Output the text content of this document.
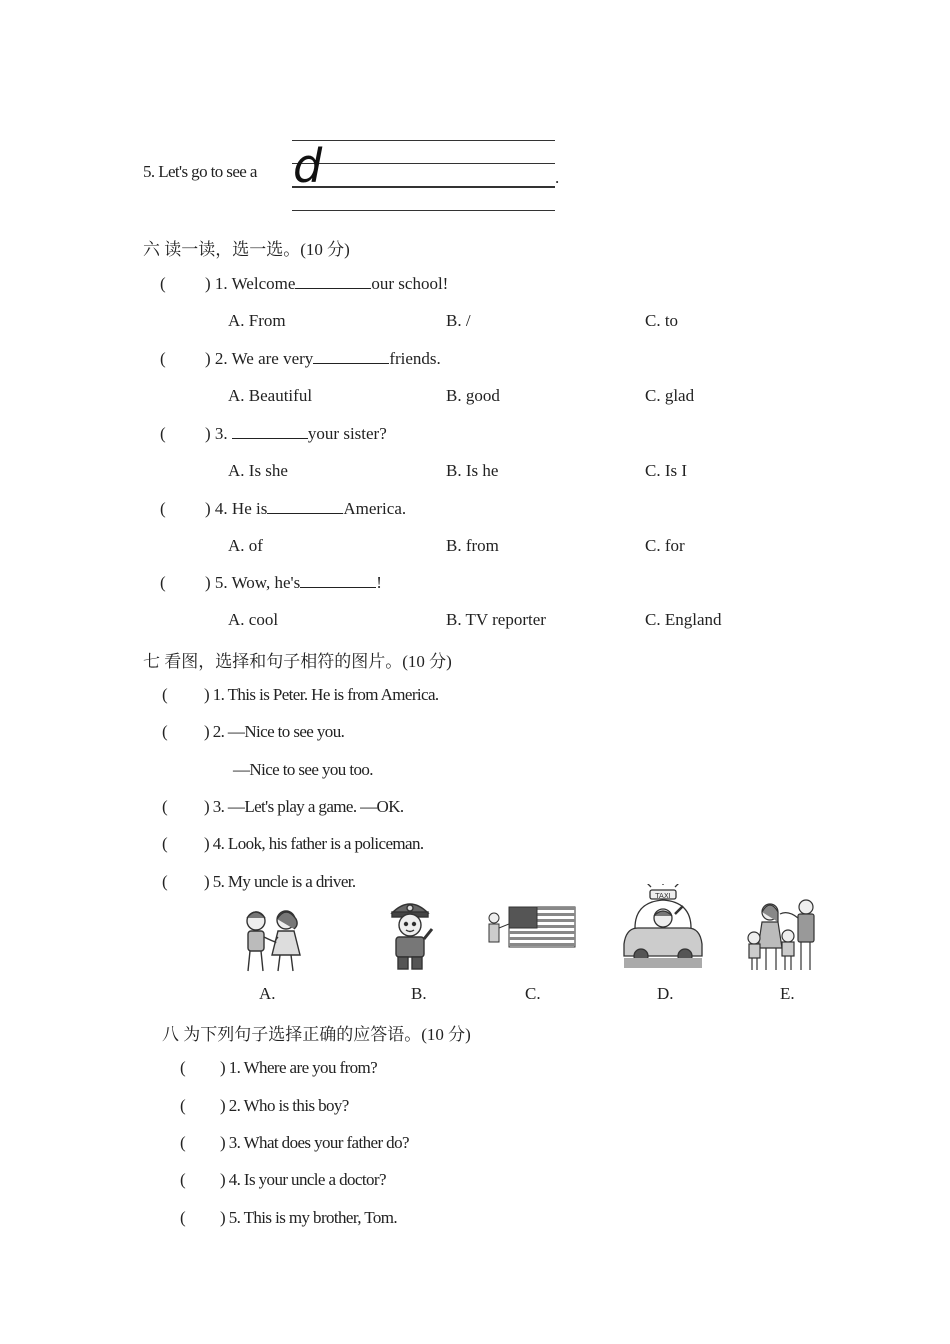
5. Let's go to see a d	.
六 读一读，选一选。(10 分)
( ) 1. Welcome	our school!
A. From	B. /	C. to
( ) 2. We are very	friends.
A. Beautiful	B. good	C. glad
( ) 3.	your sister?
A. Is she	B. Is he	C. Is I
( ) 4. He is	America.
A. of	B. from	C. for
( ) 5. Wow, he's	!
A. cool	B. TV reporter	C. England
七 看图，选择和句子相符的图片。(10 分)
( ) 1. This is Peter. He is from America.
( ) 2. —Nice to see you.
—Nice to see you too.
( ) 3. —Let's play a game. —OK.
( ) 4. Look, his father is a policeman.
( ) 5. My uncle is a driver.
TAXI
A.	B.	C.	D.	E.
八 为下列句子选择正确的应答语。(10 分)
( ) 1. Where are you from?
( ) 2. Who is this boy?
( ) 3. What does your father do?
( ) 4. Is your uncle a doctor?
( ) 5. This is my brother, Tom.
